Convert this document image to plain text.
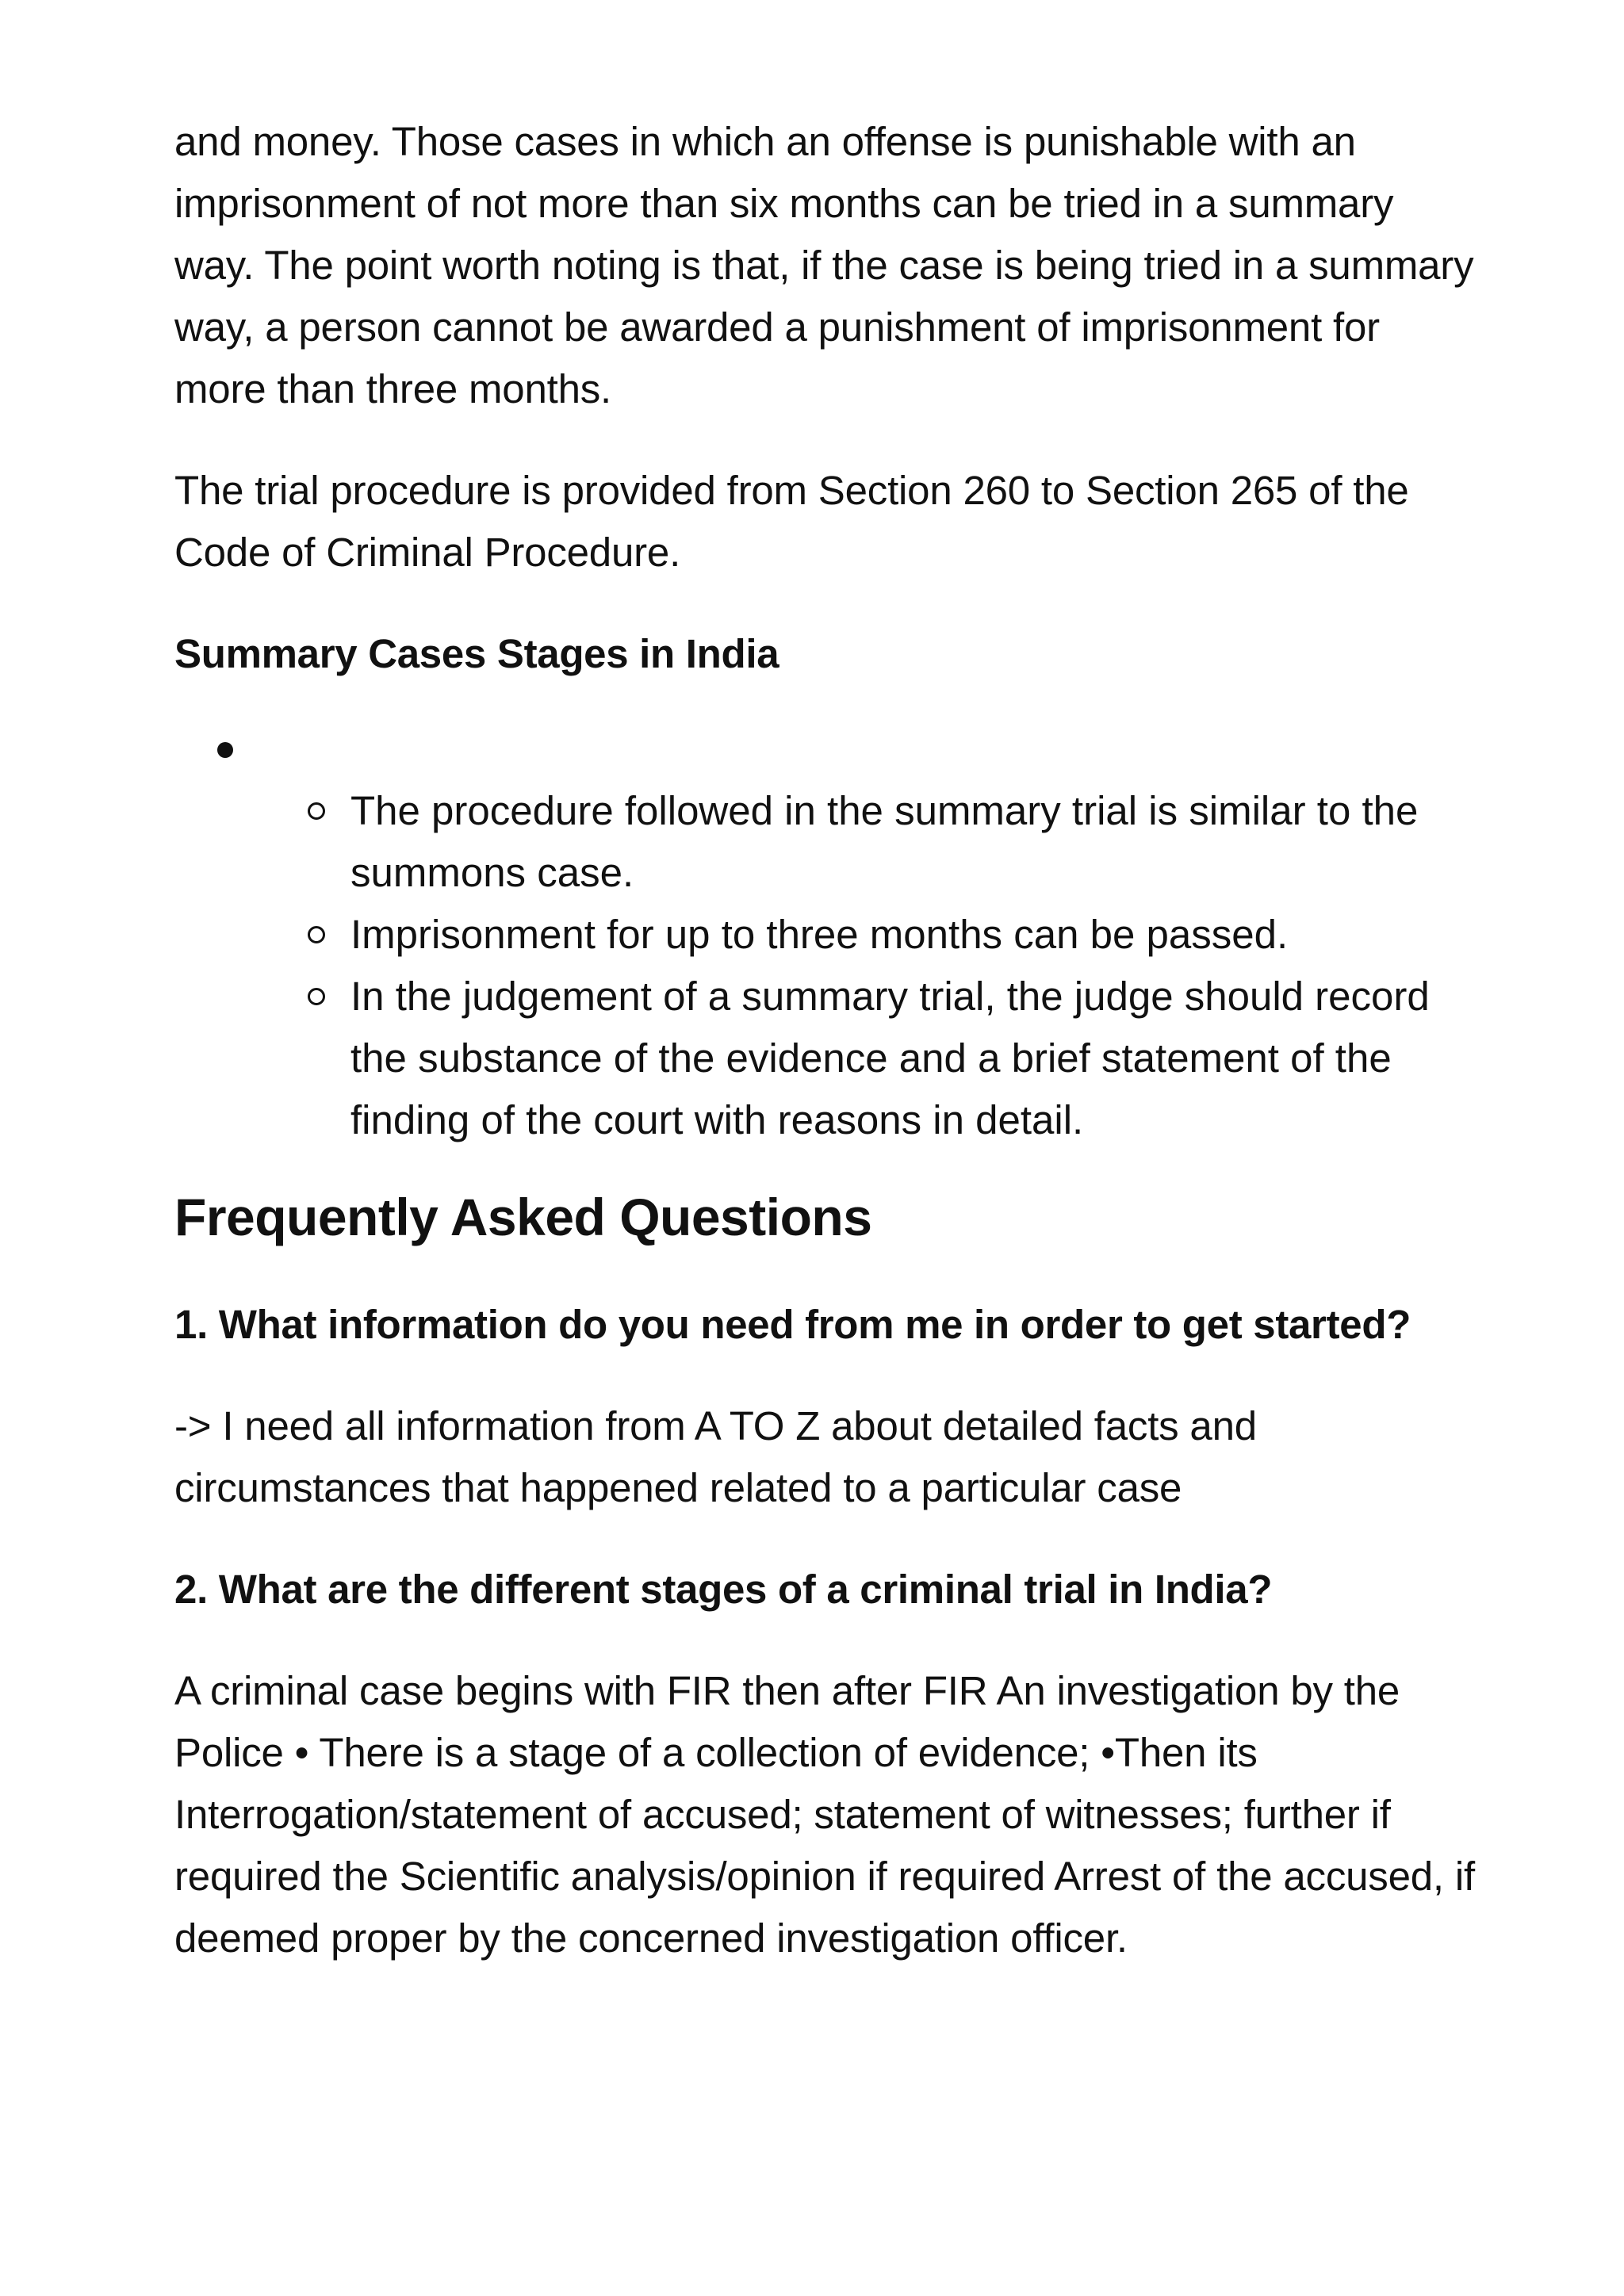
and money. Those cases in which an offense is punishable with an imprisonment of not more than six months can be tried in a summary way. The point worth noting is that, if the case is being tried in a summary way, a person cannot be awarded a punishment of imprisonment for more than three months.

The trial procedure is provided from Section 260 to Section 265 of the Code of Criminal Procedure.

Summary Cases Stages in India
The procedure followed in the summary trial is similar to the summons case.
Imprisonment for up to three months can be passed.
In the judgement of a summary trial, the judge should record the substance of the evidence and a brief statement of the finding of the court with reasons in detail.
Frequently Asked Questions
1. What information do you need from me in order to get started?

-> I need all information from A TO Z about detailed facts and circumstances that happened related to a particular case

2. What are the different stages of a criminal trial in India?

A criminal case begins with FIR then after FIR An investigation by the Police • There is a stage of a collection of evidence; •Then its Interrogation/statement of accused; statement of witnesses; further if required the Scientific analysis/opinion if required Arrest of the accused, if deemed proper by the concerned investigation officer.
